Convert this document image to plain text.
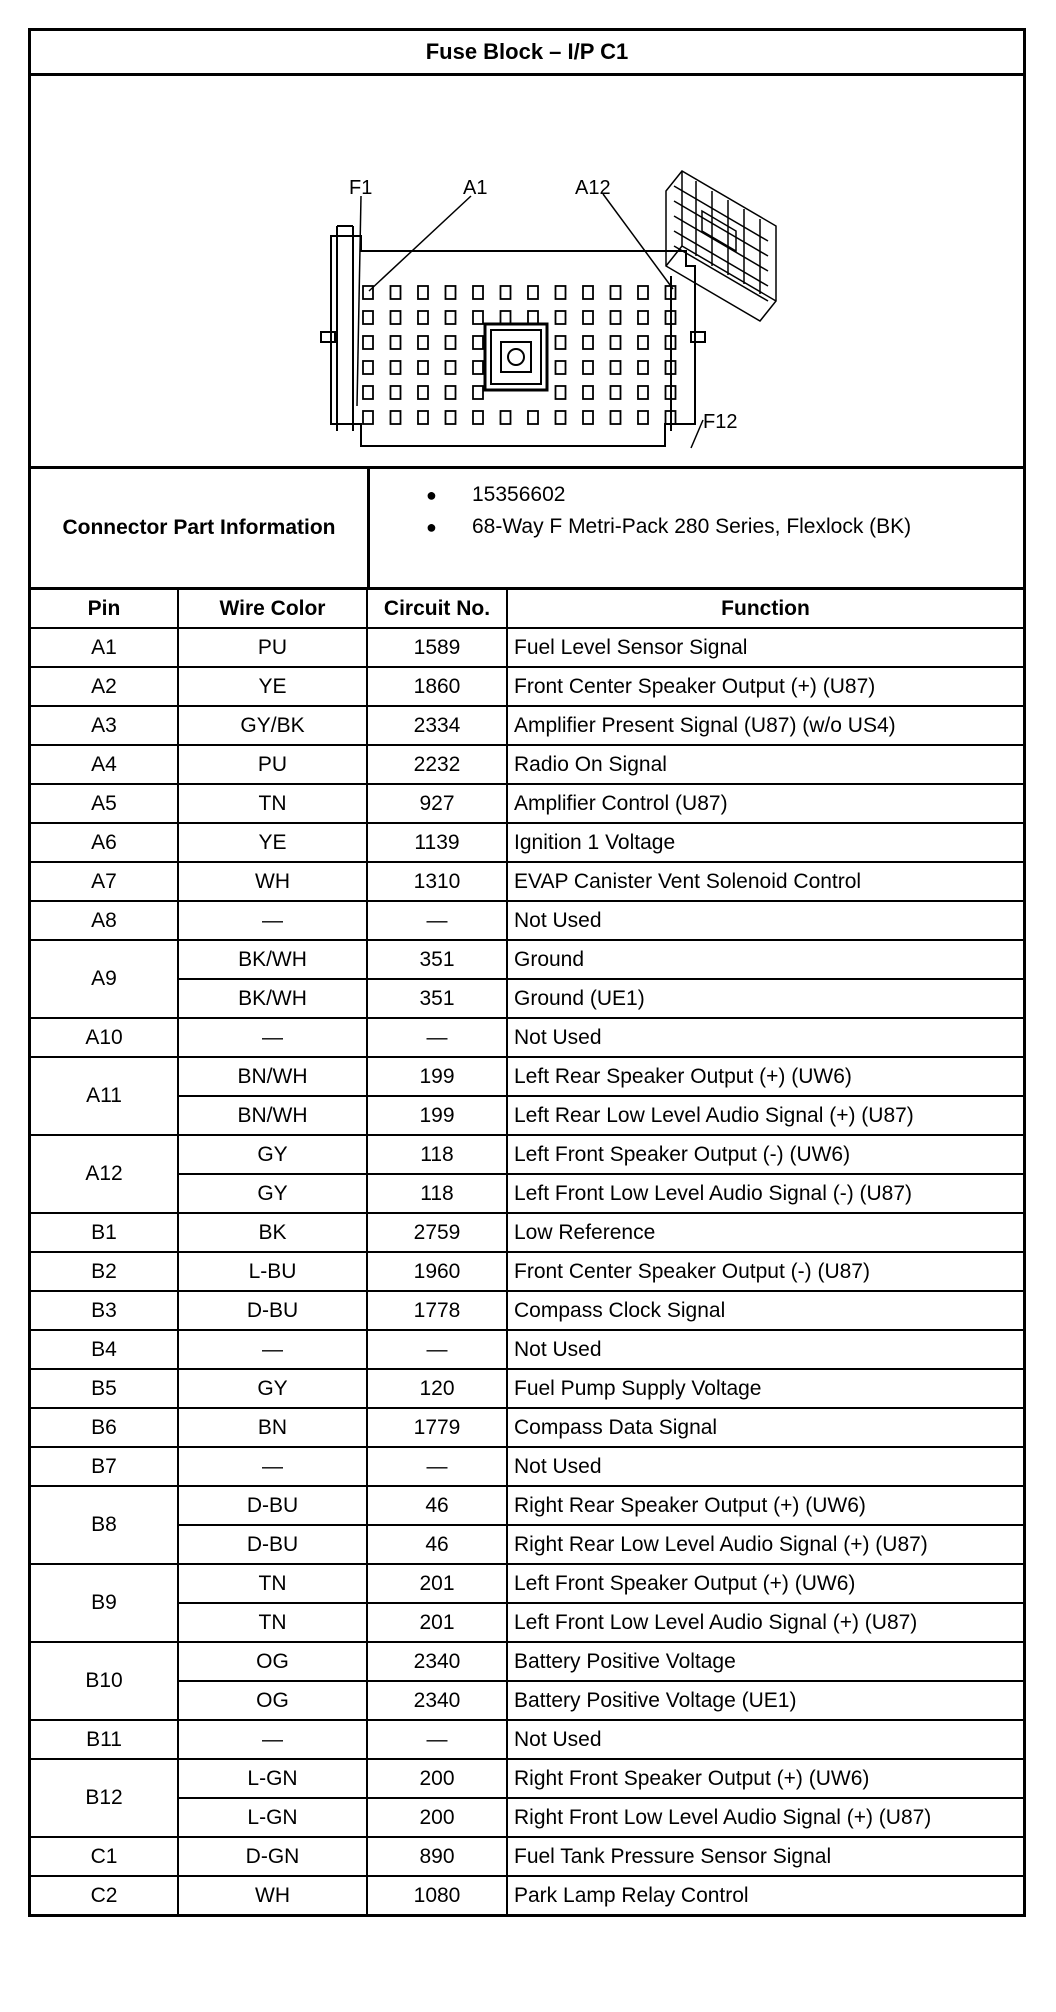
Fuse Block – I/P C1
F1	A1	A12
F12
Connector Part Information
●	15356602
●	68-Way F Metri-Pack 280 Series, Flexlock (BK)
Pin	Wire Color	Circuit No.	Function
A1	PU	1589	Fuel Level Sensor Signal
A2	YE	1860	Front Center Speaker Output (+) (U87)
A3	GY/BK	2334	Amplifier Present Signal (U87) (w/o US4)
A4	PU	2232	Radio On Signal
A5	TN	927	Amplifier Control (U87)
A6	YE	1139	Ignition 1 Voltage
A7	WH	1310	EVAP Canister Vent Solenoid Control
A8	—	—	Not Used
A9	BK/WH	351	Ground
	BK/WH	351	Ground (UE1)
A10	—	—	Not Used
A11	BN/WH	199	Left Rear Speaker Output (+) (UW6)
	BN/WH	199	Left Rear Low Level Audio Signal (+) (U87)
A12	GY	118	Left Front Speaker Output (-) (UW6)
	GY	118	Left Front Low Level Audio Signal (-) (U87)
B1	BK	2759	Low Reference
B2	L-BU	1960	Front Center Speaker Output (-) (U87)
B3	D-BU	1778	Compass Clock Signal
B4	—	—	Not Used
B5	GY	120	Fuel Pump Supply Voltage
B6	BN	1779	Compass Data Signal
B7	—	—	Not Used
B8	D-BU	46	Right Rear Speaker Output (+) (UW6)
	D-BU	46	Right Rear Low Level Audio Signal (+) (U87)
B9	TN	201	Left Front Speaker Output (+) (UW6)
	TN	201	Left Front Low Level Audio Signal (+) (U87)
B10	OG	2340	Battery Positive Voltage
	OG	2340	Battery Positive Voltage (UE1)
B11	—	—	Not Used
B12	L-GN	200	Right Front Speaker Output (+) (UW6)
	L-GN	200	Right Front Low Level Audio Signal (+) (U87)
C1	D-GN	890	Fuel Tank Pressure Sensor Signal
C2	WH	1080	Park Lamp Relay Control
